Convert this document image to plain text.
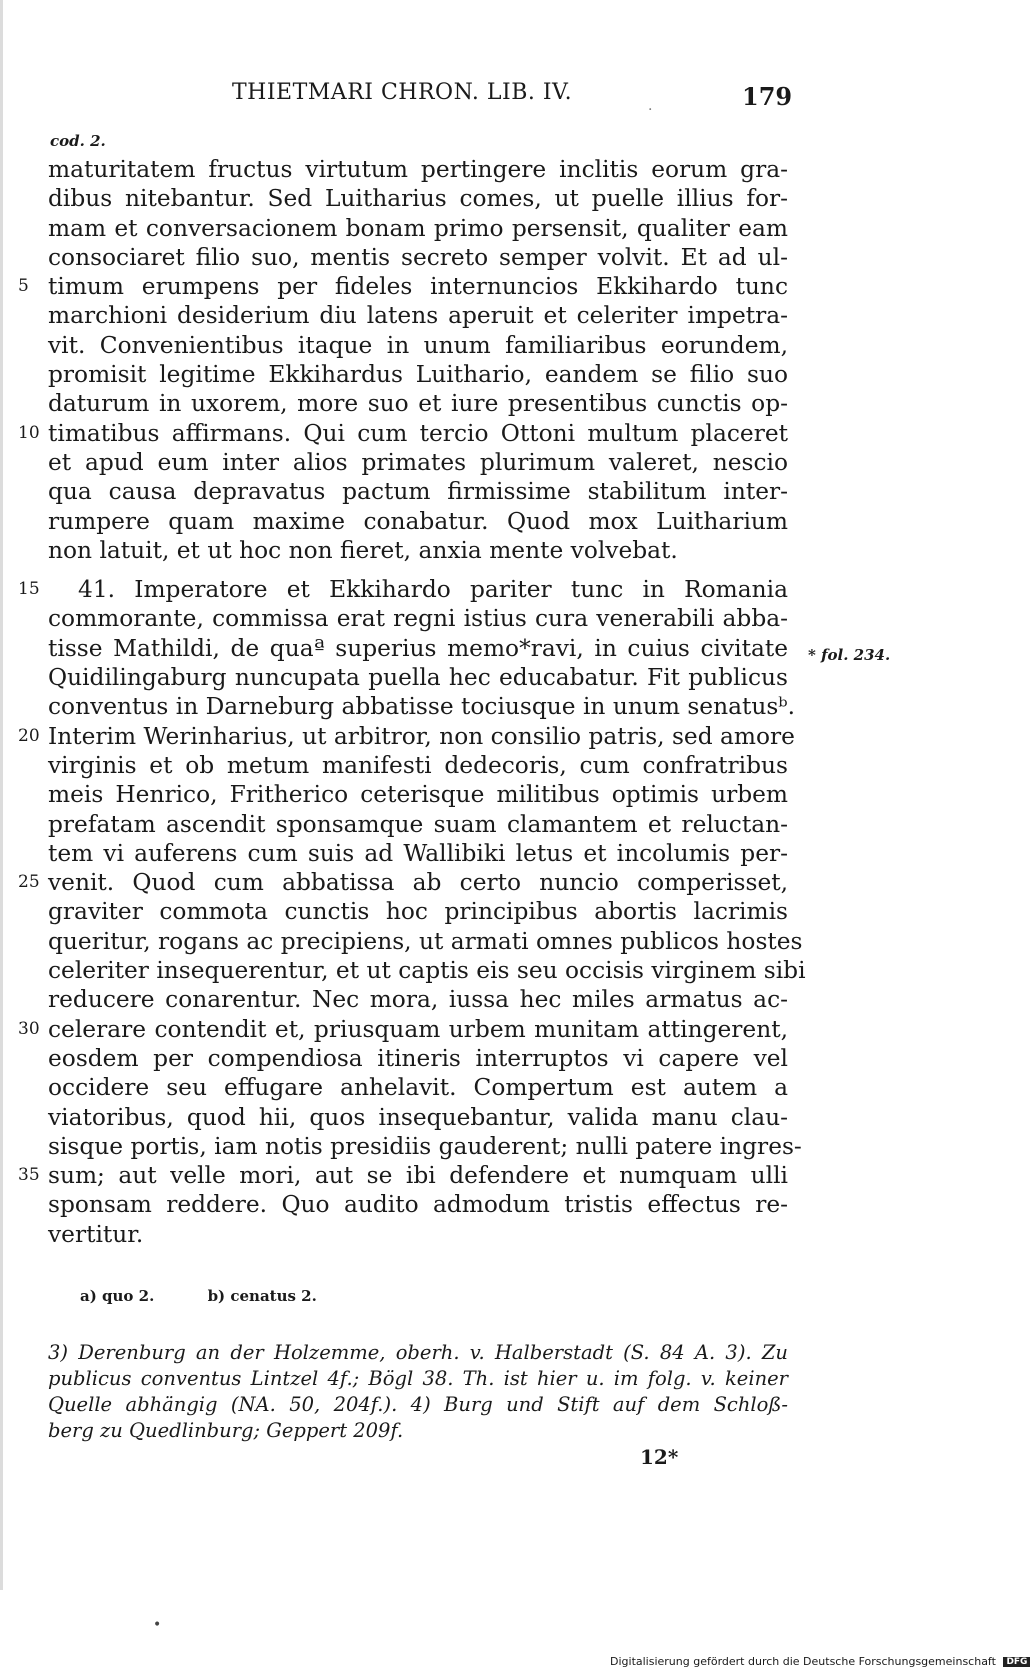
THIETMARI CHRON. LIB. IV.
.	179
cod. 2.
maturitatem fructus virtutum pertingere inclitis eorum gra-
dibus nitebantur. Sed Luitharius comes, ut puelle illius for-
mam et conversacionem bonam primo persensit, qualiter eam
consociaret filio suo, mentis secreto semper volvit. Et ad ul-
5 timum erumpens per fideles internuncios Ekkihardo tunc
marchioni desiderium diu latens aperuit et celeriter impetra-
vit. Convenientibus itaque in unum familiaribus eorundem,
promisit legitime Ekkihardus Luithario, eandem se filio suo
daturum in uxorem, more suo et iure presentibus cunctis op-
10 timatibus affirmans. Qui cum tercio Ottoni multum placeret
et apud eum inter alios primates plurimum valeret, nescio
qua causa depravatus pactum firmissime stabilitum inter-
rumpere quam maxime conabatur. Quod mox Luitharium
non latuit, et ut hoc non fieret, anxia mente volvebat.
15 41. Imperatore et Ekkihardo pariter tunc in Romania
commorante, commissa erat regni istius cura venerabili abba-
tisse Mathildi, de quaª superius memo*ravi, in cuius civitate
Quidilingaburg nuncupata puella hec educabatur. Fit publicus
conventus in Darneburg abbatisse tociusque in unum senatusᵇ.
20 Interim Werinharius, ut arbitror, non consilio patris, sed amore
virginis et ob metum manifesti dedecoris, cum confratribus
meis Henrico, Fritherico ceterisque militibus optimis urbem
prefatam ascendit sponsamque suam clamantem et reluctan-
tem vi auferens cum suis ad Wallibiki letus et incolumis per-
25 venit. Quod cum abbatissa ab certo nuncio comperisset,
graviter commota cunctis hoc principibus abortis lacrimis
queritur, rogans ac precipiens, ut armati omnes publicos hostes
celeriter insequerentur, et ut captis eis seu occisis virginem sibi
reducere conarentur. Nec mora, iussa hec miles armatus ac-
30 celerare contendit et, priusquam urbem munitam attingerent,
eosdem per compendiosa itineris interruptos vi capere vel
occidere seu effugare anhelavit. Compertum est autem a
viatoribus, quod hii, quos insequebantur, valida manu clau-
sisque portis, iam notis presidiis gauderent; nulli patere ingres-
35 sum; aut velle mori, aut se ibi defendere et numquam ulli
sponsam reddere. Quo audito admodum tristis effectus re-
vertitur.
* fol. 234.
a) quo 2.	b) cenatus 2.
3) Derenburg an der Holzemme, oberh. v. Halberstadt (S. 84 A. 3). Zu
publicus conventus Lintzel 4f.; Bögl 38. Th. ist hier u. im folg. v. keiner
Quelle abhängig (NA. 50, 204f.). 4) Burg und Stift auf dem Schloß-
berg zu Quedlinburg; Geppert 209f.
12*
•
Digitalisierung gefördert durch die Deutsche Forschungsgemeinschaft DFG
